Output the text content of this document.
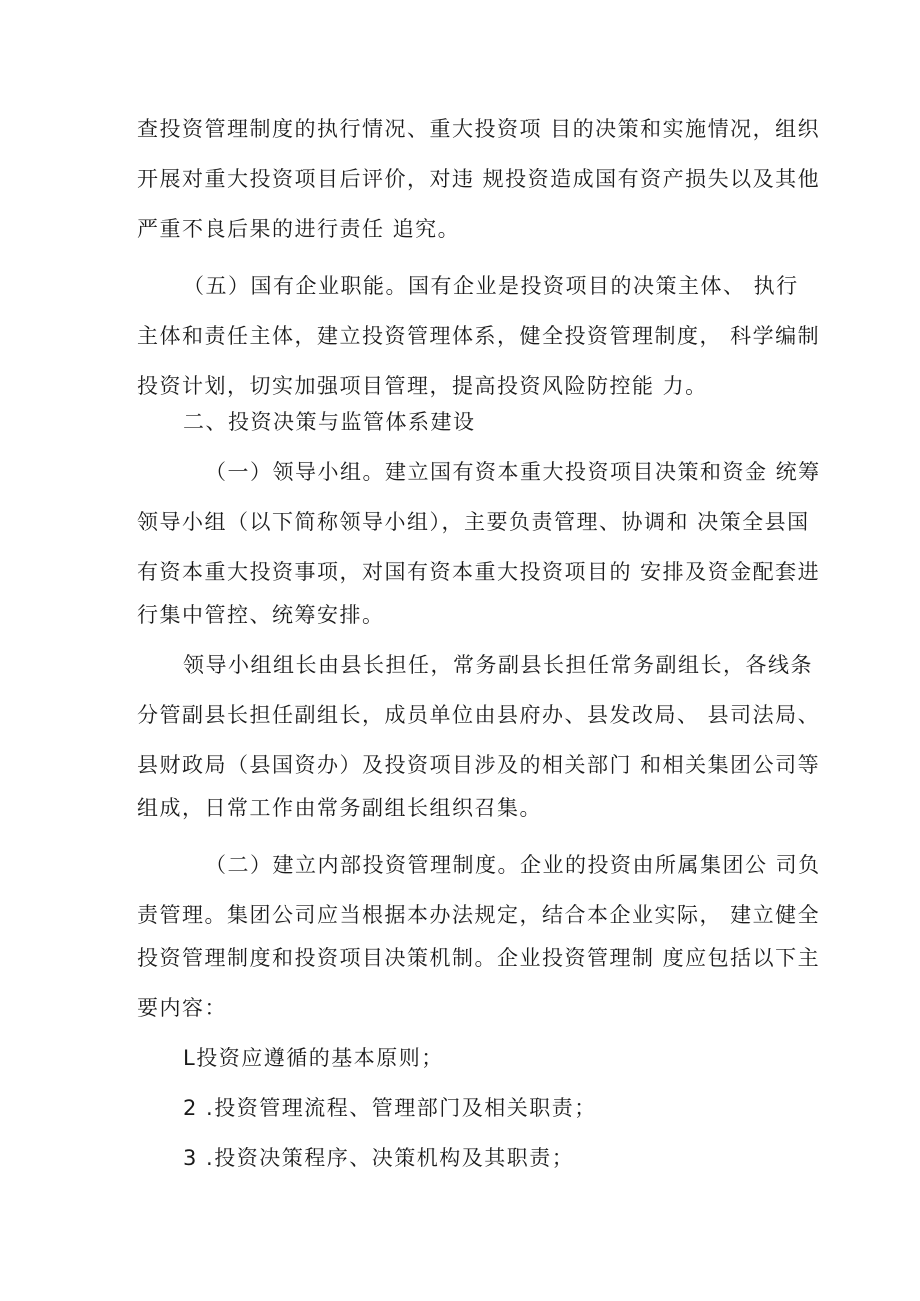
查投资管理制度的执行情况、重大投资项 目的决策和实施情况，组织
开展对重大投资项目后评价，对违 规投资造成国有资产损失以及其他
严重不良后果的进行责任 追究。
（五）国有企业职能。国有企业是投资项目的决策主体、 执行
主体和责任主体，建立投资管理体系，健全投资管理制度， 科学编制
投资计划，切实加强项目管理，提高投资风险防控能 力。
二、投资决策与监管体系建设
（一）领导小组。建立国有资本重大投资项目决策和资金 统筹
领导小组（以下简称领导小组），主要负责管理、协调和 决策全县国
有资本重大投资事项，对国有资本重大投资项目的 安排及资金配套进
行集中管控、统筹安排。
领导小组组长由县长担任，常务副县长担任常务副组长，各线条
分管副县长担任副组长，成员单位由县府办、县发改局、 县司法局、
县财政局（县国资办）及投资项目涉及的相关部门 和相关集团公司等
组成，日常工作由常务副组长组织召集。
（二）建立内部投资管理制度。企业的投资由所属集团公 司负
责管理。集团公司应当根据本办法规定，结合本企业实际， 建立健全
投资管理制度和投资项目决策机制。企业投资管理制 度应包括以下主
要内容：
L投资应遵循的基本原则；
2 .投资管理流程、管理部门及相关职责；
3 .投资决策程序、决策机构及其职责；
